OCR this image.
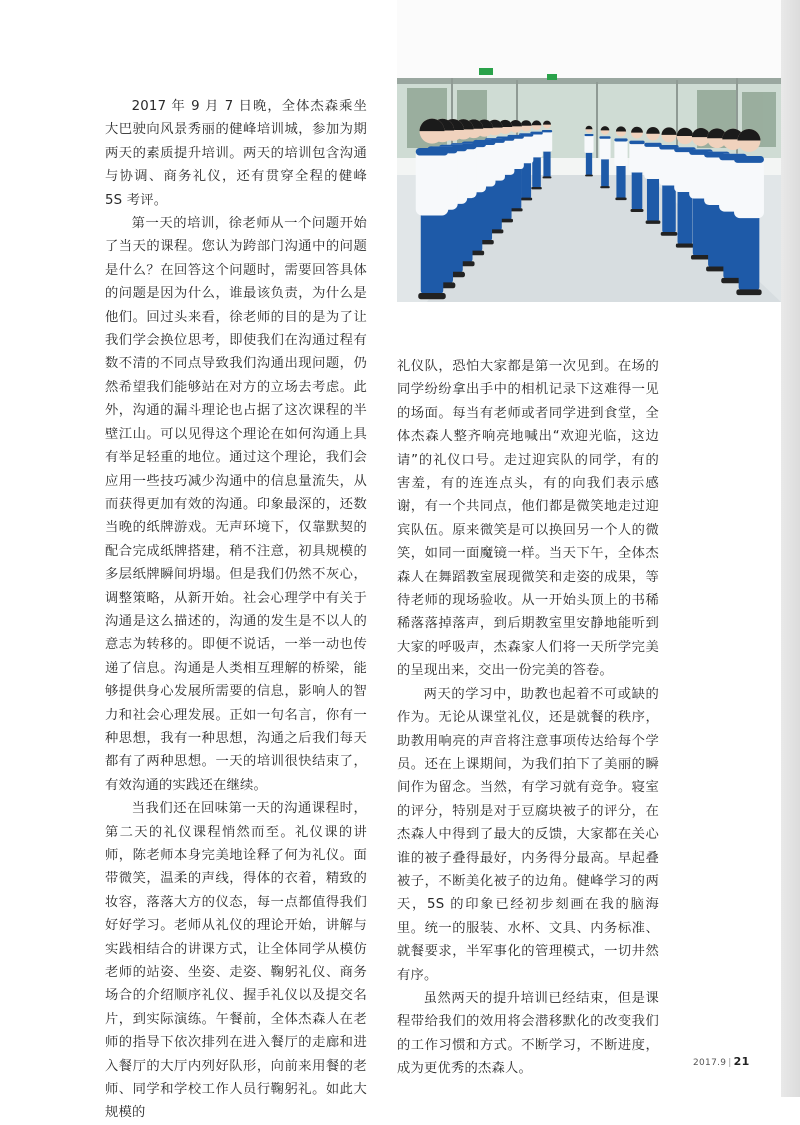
2017 年 9 月 7 日晚，全体杰森乘坐大巴驶向风景秀丽的健峰培训城，参加为期两天的素质提升培训。两天的培训包含沟通与协调、商务礼仪，还有贯穿全程的健峰 5S 考评。

第一天的培训，徐老师从一个问题开始了当天的课程。您认为跨部门沟通中的问题是什么？在回答这个问题时，需要回答具体的问题是因为什么，谁最该负责，为什么是他们。回过头来看，徐老师的目的是为了让我们学会换位思考，即使我们在沟通过程有数不清的不同点导致我们沟通出现问题，仍然希望我们能够站在对方的立场去考虑。此外，沟通的漏斗理论也占据了这次课程的半壁江山。可以见得这个理论在如何沟通上具有举足轻重的地位。通过这个理论，我们会应用一些技巧减少沟通中的信息量流失，从而获得更加有效的沟通。印象最深的，还数当晚的纸牌游戏。无声环境下，仅靠默契的配合完成纸牌搭建，稍不注意，初具规模的多层纸牌瞬间坍塌。但是我们仍然不灰心，调整策略，从新开始。社会心理学中有关于沟通是这么描述的，沟通的发生是不以人的意志为转移的。即便不说话，一举一动也传递了信息。沟通是人类相互理解的桥梁，能够提供身心发展所需要的信息，影响人的智力和社会心理发展。正如一句名言，你有一种思想，我有一种思想，沟通之后我们每天都有了两种思想。一天的培训很快结束了，有效沟通的实践还在继续。

当我们还在回味第一天的沟通课程时，第二天的礼仪课程悄然而至。礼仪课的讲师，陈老师本身完美地诠释了何为礼仪。面带微笑，温柔的声线，得体的衣着，精致的妆容，落落大方的仪态，每一点都值得我们好好学习。老师从礼仪的理论开始，讲解与实践相结合的讲课方式，让全体同学从模仿老师的站姿、坐姿、走姿、鞠躬礼仪、商务场合的介绍顺序礼仪、握手礼仪以及提交名片，到实际演练。午餐前，全体杰森人在老师的指导下依次排列在进入餐厅的走廊和进入餐厅的大厅内列好队形，向前来用餐的老师、同学和学校工作人员行鞠躬礼。如此大规模的

礼仪队，恐怕大家都是第一次见到。在场的同学纷纷拿出手中的相机记录下这难得一见的场面。每当有老师或者同学进到食堂，全体杰森人整齐响亮地喊出“欢迎光临，这边请”的礼仪口号。走过迎宾队的同学，有的害羞，有的连连点头，有的向我们表示感谢，有一个共同点，他们都是微笑地走过迎宾队伍。原来微笑是可以换回另一个人的微笑，如同一面魔镜一样。当天下午，全体杰森人在舞蹈教室展现微笑和走姿的成果，等待老师的现场验收。从一开始头顶上的书稀稀落落掉落声，到后期教室里安静地能听到大家的呼吸声，杰森家人们将一天所学完美的呈现出来，交出一份完美的答卷。

两天的学习中，助教也起着不可或缺的作为。无论从课堂礼仪，还是就餐的秩序，助教用响亮的声音将注意事项传达给每个学员。还在上课期间，为我们拍下了美丽的瞬间作为留念。当然，有学习就有竞争。寝室的评分，特别是对于豆腐块被子的评分，在杰森人中得到了最大的反馈，大家都在关心谁的被子叠得最好，内务得分最高。早起叠被子，不断美化被子的边角。健峰学习的两天，5S 的印象已经初步刻画在我的脑海里。统一的服装、水杯、文具、内务标准、就餐要求，半军事化的管理模式，一切井然有序。

虽然两天的提升培训已经结束，但是课程带给我们的效用将会潜移默化的改变我们的工作习惯和方式。不断学习，不断进度，成为更优秀的杰森人。	2017.9 | 21
